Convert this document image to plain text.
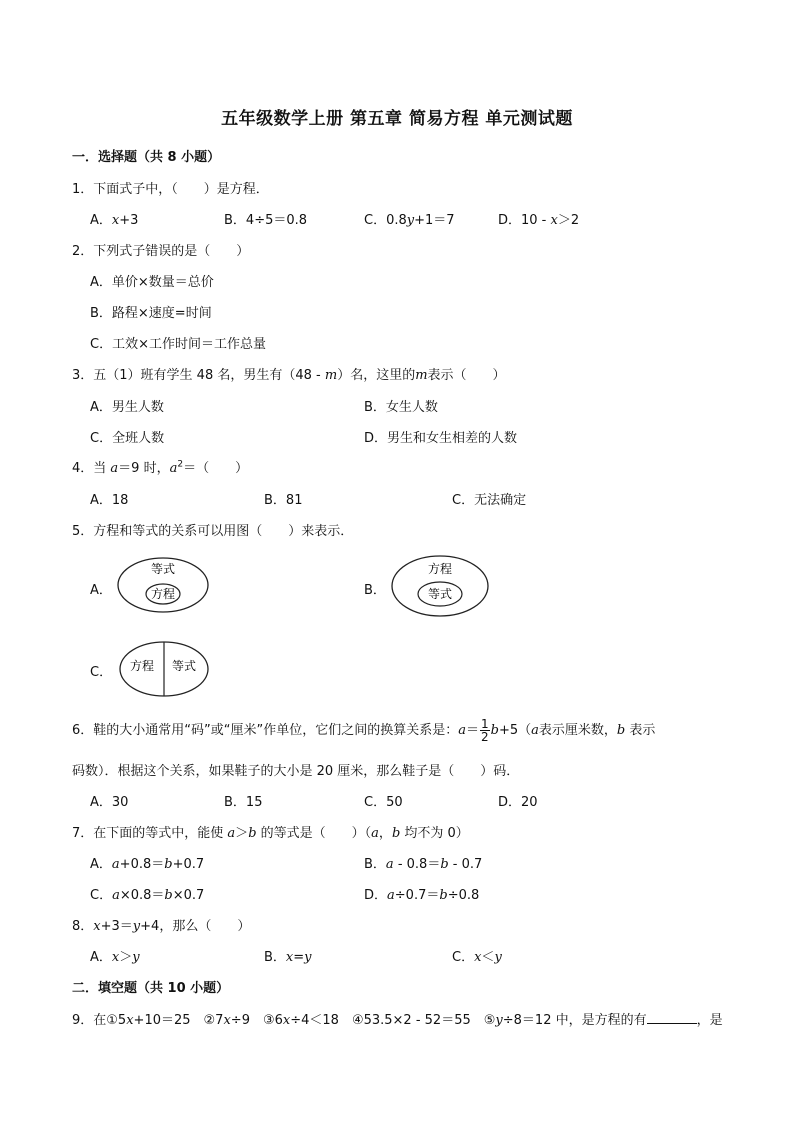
五年级数学上册 第五章 简易方程 单元测试题
一．选择题（共 8 小题）
1．下面式子中，（　　）是方程．
A．x+3	B．4÷5＝0.8	C．0.8y+1＝7	D．10 - x＞2
2．下列式子错误的是（　　）
A．单价×数量＝总价
B．路程×速度=时间
C．工效×工作时间＝工作总量
3．五（1）班有学生 48 名，男生有（48 - m）名，这里的m表示（　　）
A．男生人数	B．女生人数
C．全班人数	D．男生和女生相差的人数
4．当 a＝9 时，$a^2=$（　　）
A．18	B．81	C．无法确定
5．方程和等式的关系可以用图（　　）来表示．
A．
等式
方程	B．
方程
等式
C． 方程 等式
6．鞋的大小通常用“码”或“厘米”作单位，它们之间的换算关系是：$a= \frac{1}{2} b+5(a$表示厘米数，b 表示
码数）．根据这个关系，如果鞋子的大小是 20 厘米，那么鞋子是（　　）码．
A．30	B．15	C．50	D．20
7．在下面的等式中，能使 a＞b 的等式是（　　）（a，b 均不为 0）
A．a+0.8＝b+0.7	B．a - 0.8＝b - 0.7
C．a×0.8＝b×0.7	D．a÷0.7＝b÷0.8
8．x+3＝y+4，那么（　　）
A．x＞y	B．x=y	C．x＜y
二．填空题（共 10 小题）
9．在①5x+10＝25　②7x÷9　③6x÷4＜18　④53.5×2 - 52＝55　⑤y÷8＝12 中，是方程的有	，是
